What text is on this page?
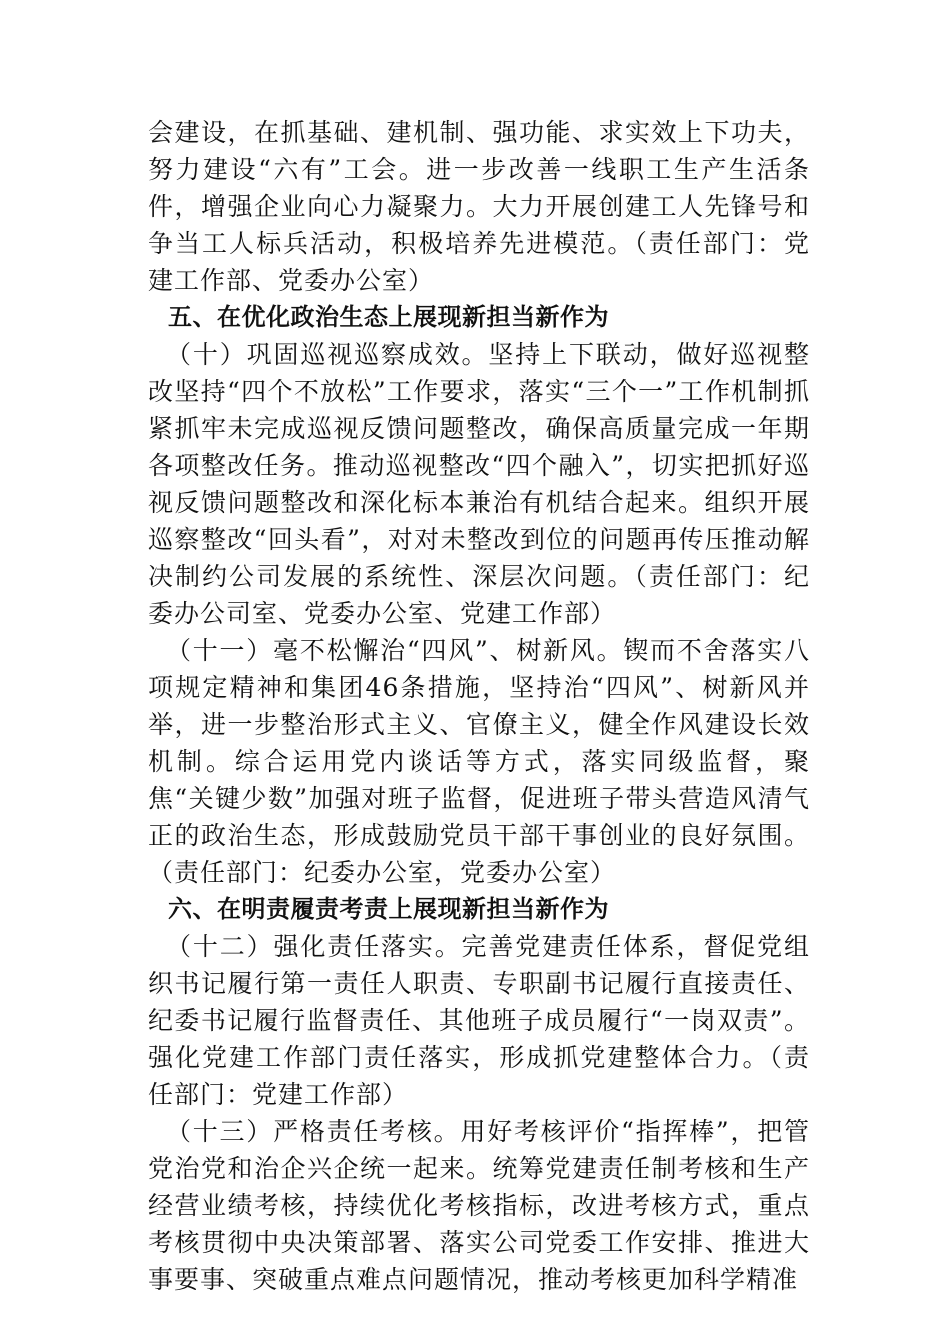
会建设，在抓基础、建机制、强功能、求实效上下功夫，努力建设“六有”工会。进一步改善一线职工生产生活条件，增强企业向心力凝聚力。大力开展创建工人先锋号和争当工人标兵活动，积极培养先进模范。（责任部门：党建工作部、党委办公室）

五、在优化政治生态上展现新担当新作为

（十）巩固巡视巡察成效。坚持上下联动，做好巡视整改坚持“四个不放松”工作要求，落实“三个一”工作机制抓紧抓牢未完成巡视反馈问题整改，确保高质量完成一年期各项整改任务。推动巡视整改“四个融入”，切实把抓好巡视反馈问题整改和深化标本兼治有机结合起来。组织开展巡察整改“回头看”，对对未整改到位的问题再传压推动解决制约公司发展的系统性、深层次问题。（责任部门：纪委办公司室、党委办公室、党建工作部）

（十一）毫不松懈治“四风”、树新风。锲而不舍落实八项规定精神和集团46条措施，坚持治“四风”、树新风并举，进一步整治形式主义、官僚主义，健全作风建设长效机制。综合运用党内谈话等方式，落实同级监督，聚焦“关键少数”加强对班子监督，促进班子带头营造风清气正的政治生态，形成鼓励党员干部干事创业的良好氛围。（责任部门：纪委办公室，党委办公室）

六、在明责履责考责上展现新担当新作为

（十二）强化责任落实。完善党建责任体系，督促党组织书记履行第一责任人职责、专职副书记履行直接责任、纪委书记履行监督责任、其他班子成员履行“一岗双责”。强化党建工作部门责任落实，形成抓党建整体合力。（责任部门：党建工作部）

（十三）严格责任考核。用好考核评价“指挥棒”，把管党治党和治企兴企统一起来。统筹党建责任制考核和生产经营业绩考核，持续优化考核指标，改进考核方式，重点考核贯彻中央决策部署、落实公司党委工作安排、推进大事要事、突破重点难点问题情况，推动考核更加科学精准
